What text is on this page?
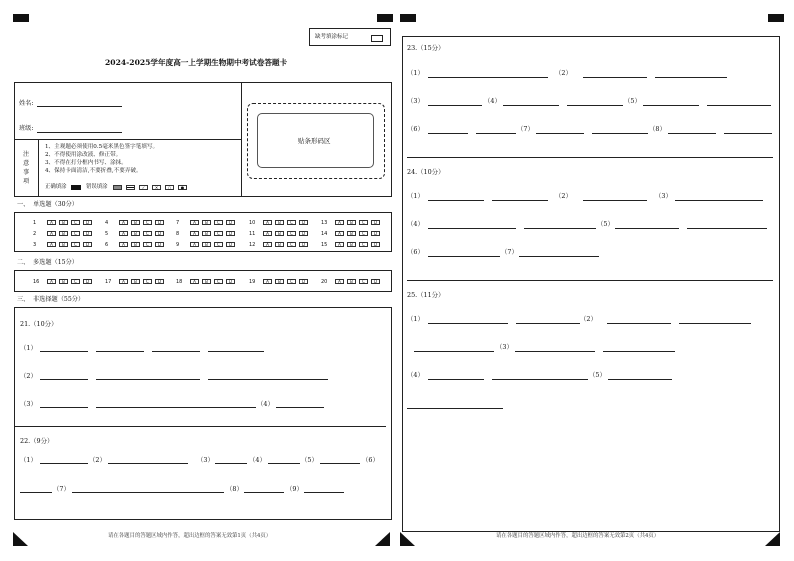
缺考填涂标记
2024-2025学年度高一上学期生物期中考试卷答题卡
姓名:
班级:
注
意
事
项
1、主观题必须使用0.5毫米黑色签字笔填写。
2、不得使用涂改液、修正带。
3、不得在打分框内书写、涂抹。
4、保持卡面清洁,不要折叠,不要弄破。
正确填涂	错误填涂	✓	✕	○	●
贴条形码区
一、 单选题（30分）
1	A	B	C	D	4	A	B	C	D	7	A	B	C	D	10	A	B	C	D	13	A	B	C	D
2	A	B	C	D	5	A	B	C	D	8	A	B	C	D	11	A	B	C	D	14	A	B	C	D
3	A	B	C	D	6	A	B	C	D	9	A	B	C	D	12	A	B	C	D	15	A	B	C	D
二、 多选题（15分）
16	A	B	C	D	17	A	B	C	D	18	A	B	C	D	19	A	B	C	D	20	A	B	C	D
三、 非选择题（55分）
21.（10分）
（1）
（2）
（3）	（4）
22.（9分）
（1）	（2）	（3）	（4）	（5）	（6）
（7）	（8）	（9）
请在各题目的答题区域内作答，超出边框的答案无效第1页（共4页）
23.（15分）
（1）	（2）
（3）	（4）	（5）
（6）	（7）	（8）
24.（10分）
（1）	（2）	（3）
（4）	（5）
（6）	（7）
25.（11分）
（1）	（2）
（3）
（4）	（5）
请在各题目的答题区域内作答，超出边框的答案无效第2页（共4页）
